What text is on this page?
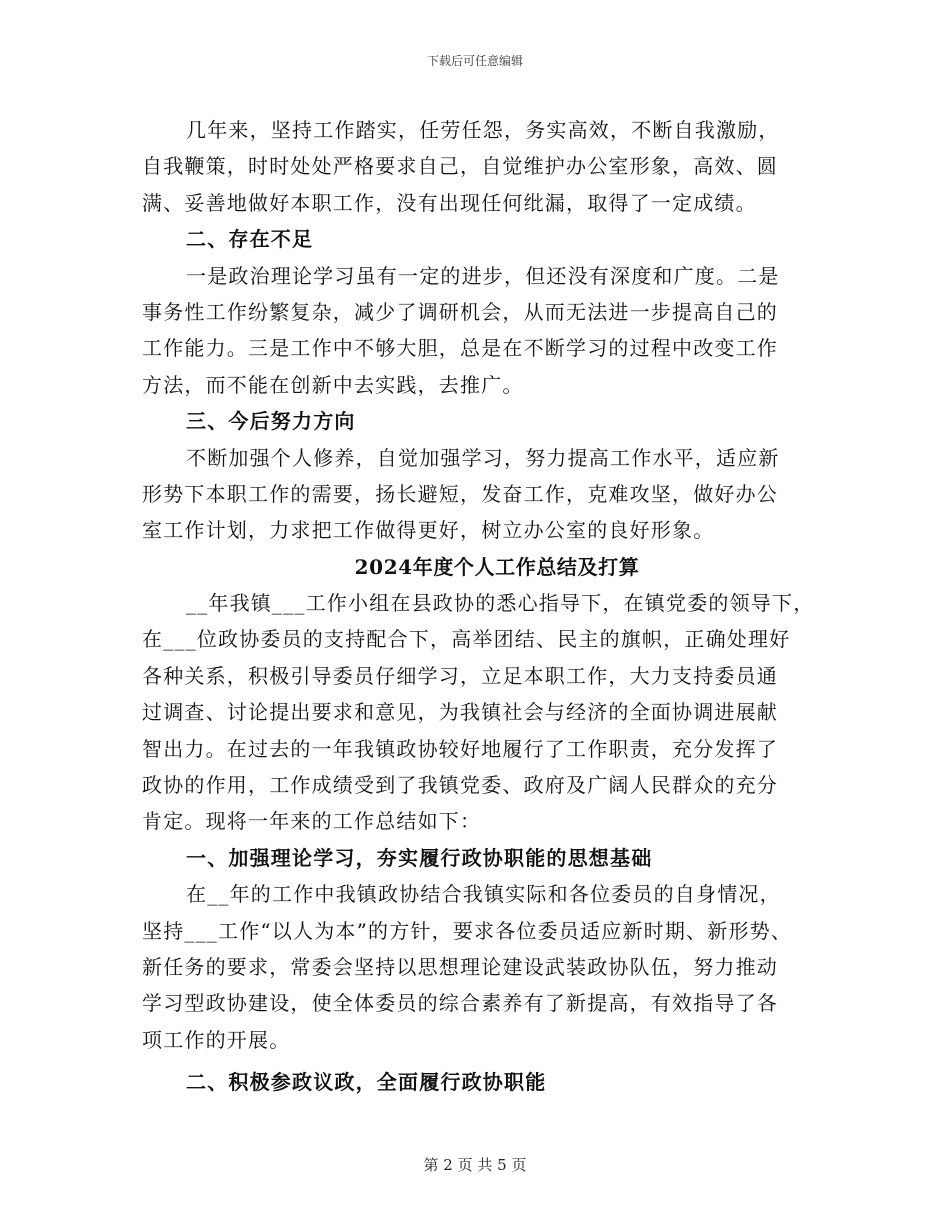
下载后可任意编辑
几年来，坚持工作踏实，任劳任怨，务实高效，不断自我激励，
自我鞭策，时时处处严格要求自己，自觉维护办公室形象，高效、圆
满、妥善地做好本职工作，没有出现任何纰漏，取得了一定成绩。
二、存在不足
一是政治理论学习虽有一定的进步，但还没有深度和广度。二是
事务性工作纷繁复杂，减少了调研机会，从而无法进一步提高自己的
工作能力。三是工作中不够大胆，总是在不断学习的过程中改变工作
方法，而不能在创新中去实践，去推广。
三、今后努力方向
不断加强个人修养，自觉加强学习，努力提高工作水平，适应新
形势下本职工作的需要，扬长避短，发奋工作，克难攻坚，做好办公
室工作计划，力求把工作做得更好，树立办公室的良好形象。
2024年度个人工作总结及打算
__年我镇___工作小组在县政协的悉心指导下，在镇党委的领导下，
在___位政协委员的支持配合下，高举团结、民主的旗帜，正确处理好
各种关系，积极引导委员仔细学习，立足本职工作，大力支持委员通
过调查、讨论提出要求和意见，为我镇社会与经济的全面协调进展献
智出力。在过去的一年我镇政协较好地履行了工作职责，充分发挥了
政协的作用，工作成绩受到了我镇党委、政府及广阔人民群众的充分
肯定。现将一年来的工作总结如下：
一、加强理论学习，夯实履行政协职能的思想基础
在__年的工作中我镇政协结合我镇实际和各位委员的自身情况，
坚持___工作“以人为本”的方针，要求各位委员适应新时期、新形势、
新任务的要求，常委会坚持以思想理论建设武装政协队伍，努力推动
学习型政协建设，使全体委员的综合素养有了新提高，有效指导了各
项工作的开展。
二、积极参政议政，全面履行政协职能
第 2 页 共 5 页
